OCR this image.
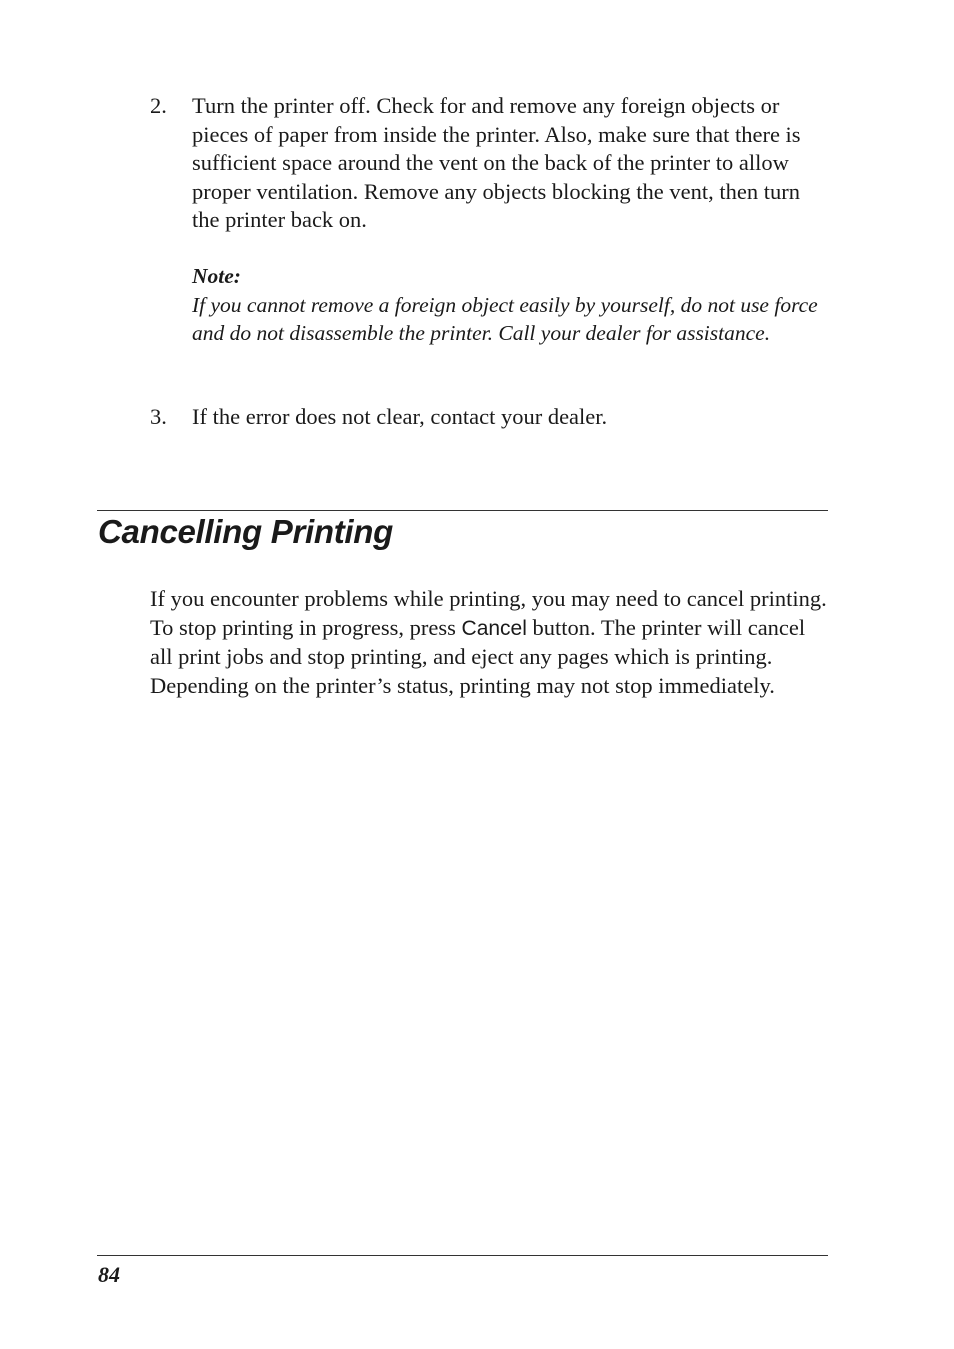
2. Turn the printer off. Check for and remove any foreign objects or pieces of paper from inside the printer. Also, make sure that there is sufficient space around the vent on the back of the printer to allow proper ventilation. Remove any objects blocking the vent, then turn the printer back on.
Note:
If you cannot remove a foreign object easily by yourself, do not use force and do not disassemble the printer. Call your dealer for assistance.
3. If the error does not clear, contact your dealer.
Cancelling Printing

If you encounter problems while printing, you may need to cancel printing. To stop printing in progress, press Cancel button. The printer will cancel all print jobs and stop printing, and eject any pages which is printing. Depending on the printer’s status, printing may not stop immediately.

84
